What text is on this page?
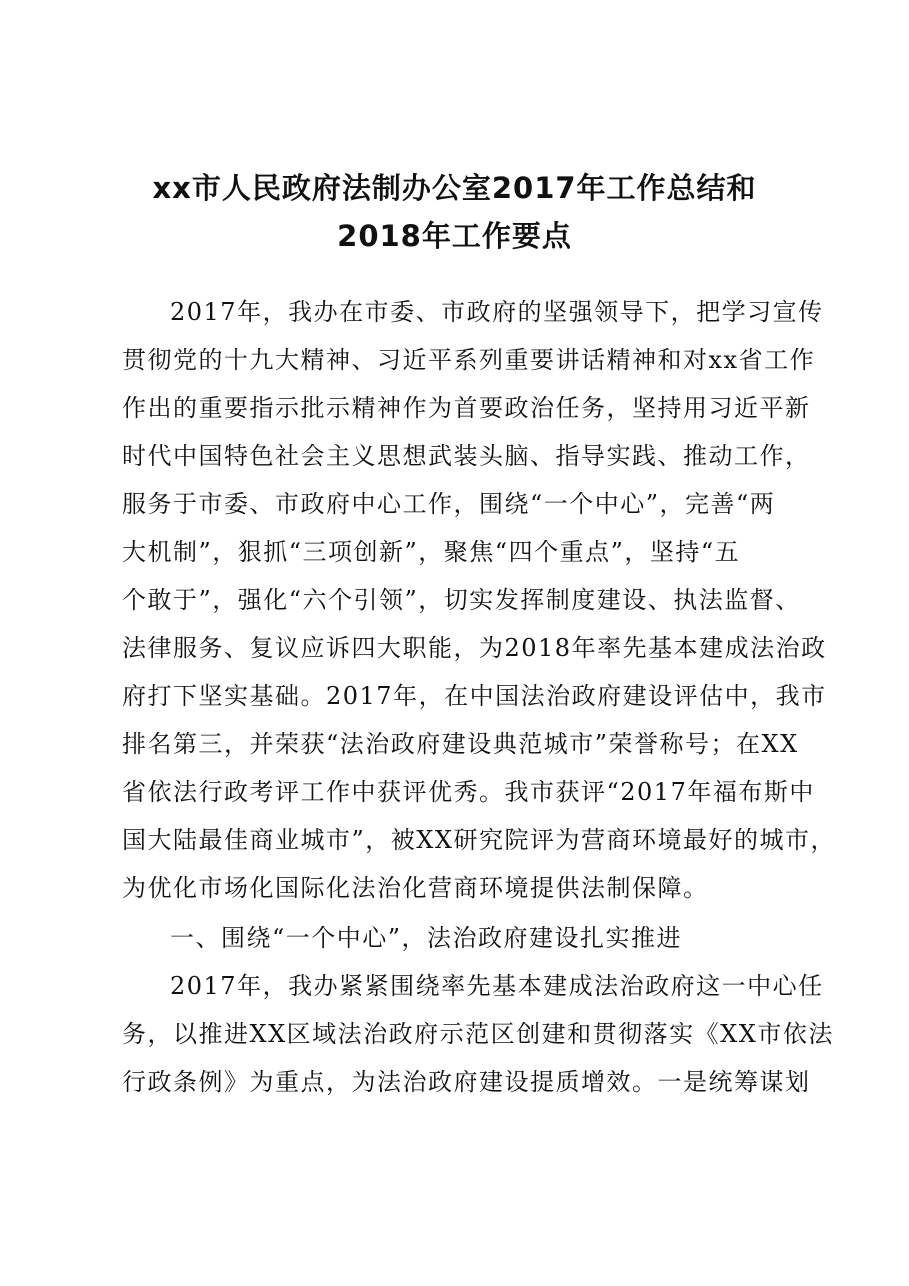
xx市人民政府法制办公室2017年工作总结和
2018年工作要点
2017年，我办在市委、市政府的坚强领导下，把学习宣传
贯彻党的十九大精神、习近平系列重要讲话精神和对xx省工作
作出的重要指示批示精神作为首要政治任务，坚持用习近平新
时代中国特色社会主义思想武装头脑、指导实践、推动工作，
服务于市委、市政府中心工作，围绕“一个中心”，完善“两
大机制”，狠抓“三项创新”，聚焦“四个重点”，坚持“五
个敢于”，强化“六个引领”，切实发挥制度建设、执法监督、
法律服务、复议应诉四大职能，为2018年率先基本建成法治政
府打下坚实基础。2017年，在中国法治政府建设评估中，我市
排名第三，并荣获“法治政府建设典范城市”荣誉称号；在XX
省依法行政考评工作中获评优秀。我市获评“2017年福布斯中
国大陆最佳商业城市”，被XX研究院评为营商环境最好的城市，
为优化市场化国际化法治化营商环境提供法制保障。
一、围绕“一个中心”，法治政府建设扎实推进
2017年，我办紧紧围绕率先基本建成法治政府这一中心任
务，以推进XX区域法治政府示范区创建和贯彻落实《XX市依法
行政条例》为重点，为法治政府建设提质增效。一是统筹谋划
